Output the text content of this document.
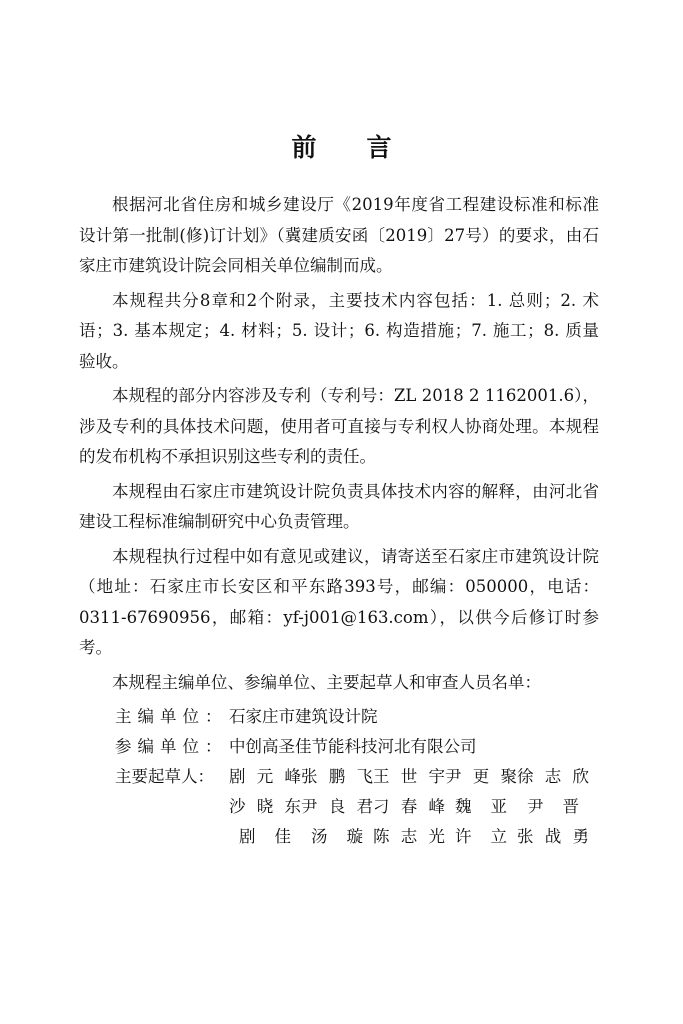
前 言

根据河北省住房和城乡建设厅《2019年度省工程建设标准和标准设计第一批制(修)订计划》（冀建质安函〔2019〕27号）的要求，由石家庄市建筑设计院会同相关单位编制而成。

本规程共分8章和2个附录，主要技术内容包括：1. 总则；2. 术语；3. 基本规定；4. 材料；5. 设计；6. 构造措施；7. 施工；8. 质量验收。

本规程的部分内容涉及专利（专利号：ZL 2018 2 1162001.6），涉及专利的具体技术问题，使用者可直接与专利权人协商处理。本规程的发布机构不承担识别这些专利的责任。

本规程由石家庄市建筑设计院负责具体技术内容的解释，由河北省建设工程标准编制研究中心负责管理。

本规程执行过程中如有意见或建议，请寄送至石家庄市建筑设计院（地址：石家庄市长安区和平东路393号，邮编：050000，电话：0311-67690956，邮箱：yf-j001@163.com），以供今后修订时参考。

本规程主编单位、参编单位、主要起草人和审查人员名单：

主编单位： 石家庄市建筑设计院
参编单位： 中创高圣佳节能科技河北有限公司
主要起草人： 剧元峰 张鹏飞 王世宇 尹更聚 徐志欣
沙晓东 尹良君 刁春峰 魏亚	尹晋
剧佳	汤璇 陈志光 许立 张战勇
